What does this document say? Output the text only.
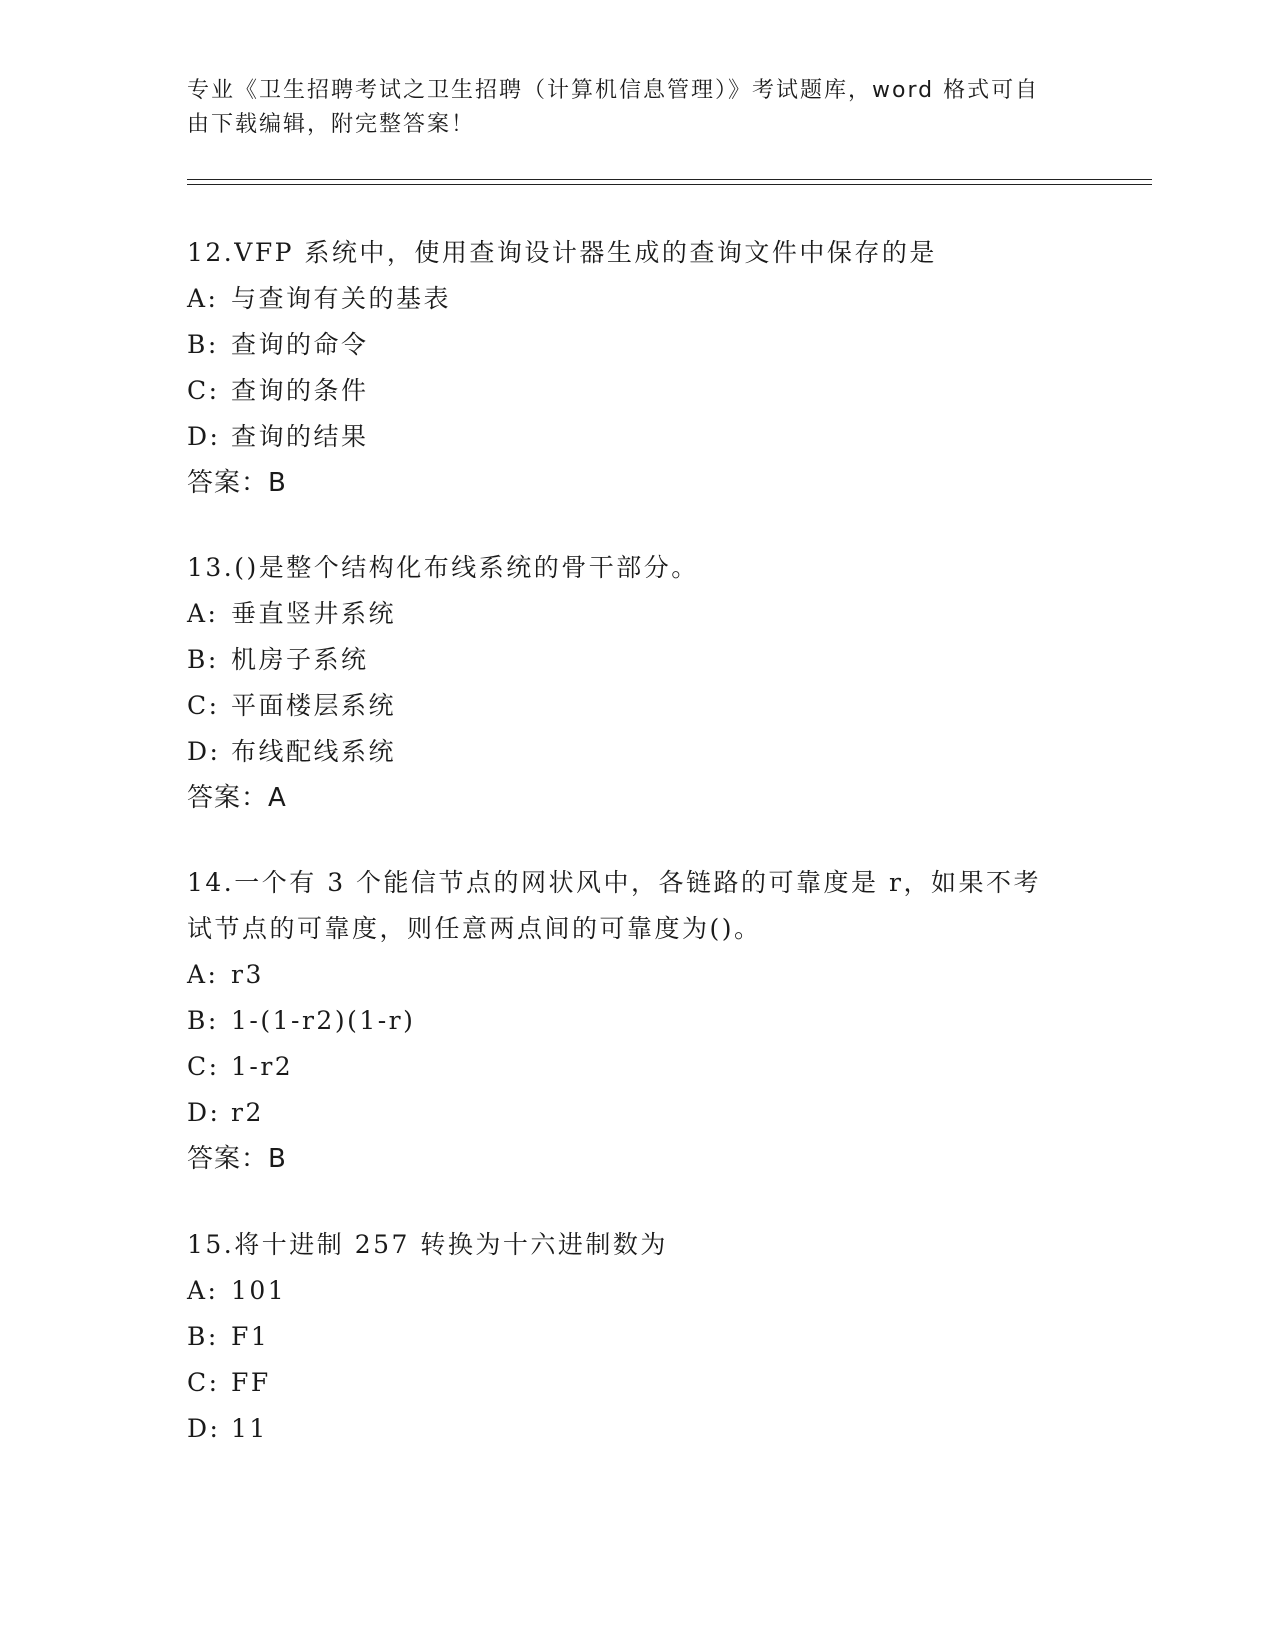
专业《卫生招聘考试之卫生招聘（计算机信息管理）》考试题库，word 格式可自
由下载编辑，附完整答案！
12.VFP 系统中，使用查询设计器生成的查询文件中保存的是
A: 与查询有关的基表
B: 查询的命令
C: 查询的条件
D: 查询的结果
答案：B
13.()是整个结构化布线系统的骨干部分。
A: 垂直竖井系统
B: 机房子系统
C: 平面楼层系统
D: 布线配线系统
答案：A
14.一个有 3 个能信节点的网状风中，各链路的可靠度是 r，如果不考
试节点的可靠度，则任意两点间的可靠度为()。
A: r3
B: 1-(1-r2)(1-r)
C: 1-r2
D: r2
答案：B
15.将十进制 257 转换为十六进制数为
A: 101
B: F1
C: FF
D: 11
